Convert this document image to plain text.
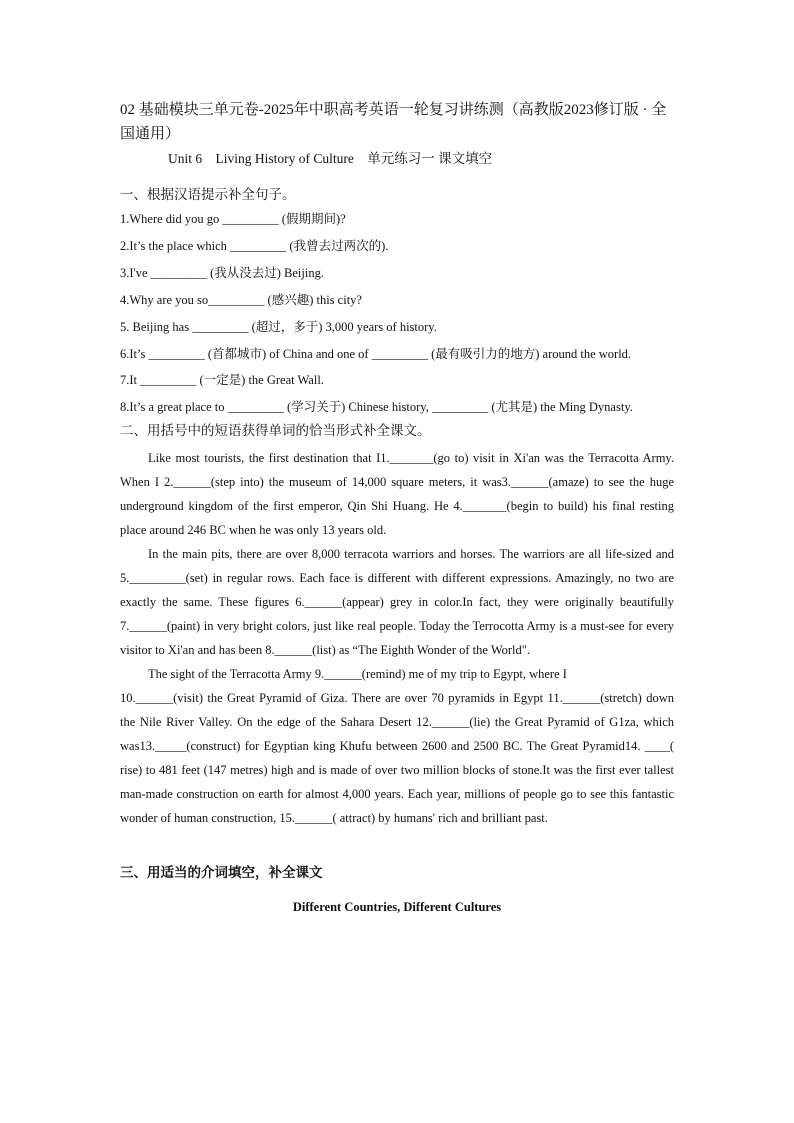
02 基础模块三单元卷-2025年中职高考英语一轮复习讲练测（高教版2023修订版 · 全国通用）

Unit 6 Living History of Culture 单元练习一 课文填空
一、根据汉语提示补全句子。
1.Where did you go _________ (假期期间)?
2.It’s the place which _________ (我曾去过两次的).
3.I've _________ (我从没去过) Beijing.
4.Why are you so_________ (感兴趣) this city?
5. Beijing has _________ (超过，多于) 3,000 years of history.
6.It’s _________ (首都城市) of China and one of _________ (最有吸引力的地方) around the world.
7.It _________ (一定是) the Great Wall.
8.It’s a great place to _________ (学习关于) Chinese history, _________ (尤其是) the Ming Dynasty.
二、用括号中的短语获得单词的恰当形式补全课文。

Like most tourists, the first destination that I1._______(go to) visit in Xi'an was the Terracotta Army. When I 2.______(step into) the museum of 14,000 square meters, it was3.______(amaze) to see the huge underground kingdom of the first emperor, Qin Shi Huang. He 4._______(begin to build) his final resting place around 246 BC when he was only 13 years old.

In the main pits, there are over 8,000 terracota warriors and horses. The warriors are all life-sized and 5._________(set) in regular rows. Each face is different with different expressions. Amazingly, no two are exactly the same. These figures 6.______(appear) grey in color.In fact, they were originally beautifully 7.______(paint) in very bright colors, just like real people. Today the Terrocotta Army is a must-see for every visitor to Xi'an and has been 8.______(list) as “The Eighth Wonder of the World".

The sight of the Terracotta Army 9.______(remind) me of my trip to Egypt, where I

10.______(visit) the Great Pyramid of Giza. There are over 70 pyramids in Egypt 11.______(stretch) down the Nile River Valley. On the edge of the Sahara Desert 12.______(lie) the Great Pyramid of G1za, which was13._____(construct) for Egyptian king Khufu between 2600 and 2500 BC. The Great Pyramid14. ____( rise) to 481 feet (147 metres) high and is made of over two million blocks of stone.It was the first ever tallest man-made construction on earth for almost 4,000 years. Each year, millions of people go to see this fantastic wonder of human construction, 15.______( attract) by humans' rich and brilliant past.

三、用适当的介词填空，补全课文
Different Countries, Different Cultures
